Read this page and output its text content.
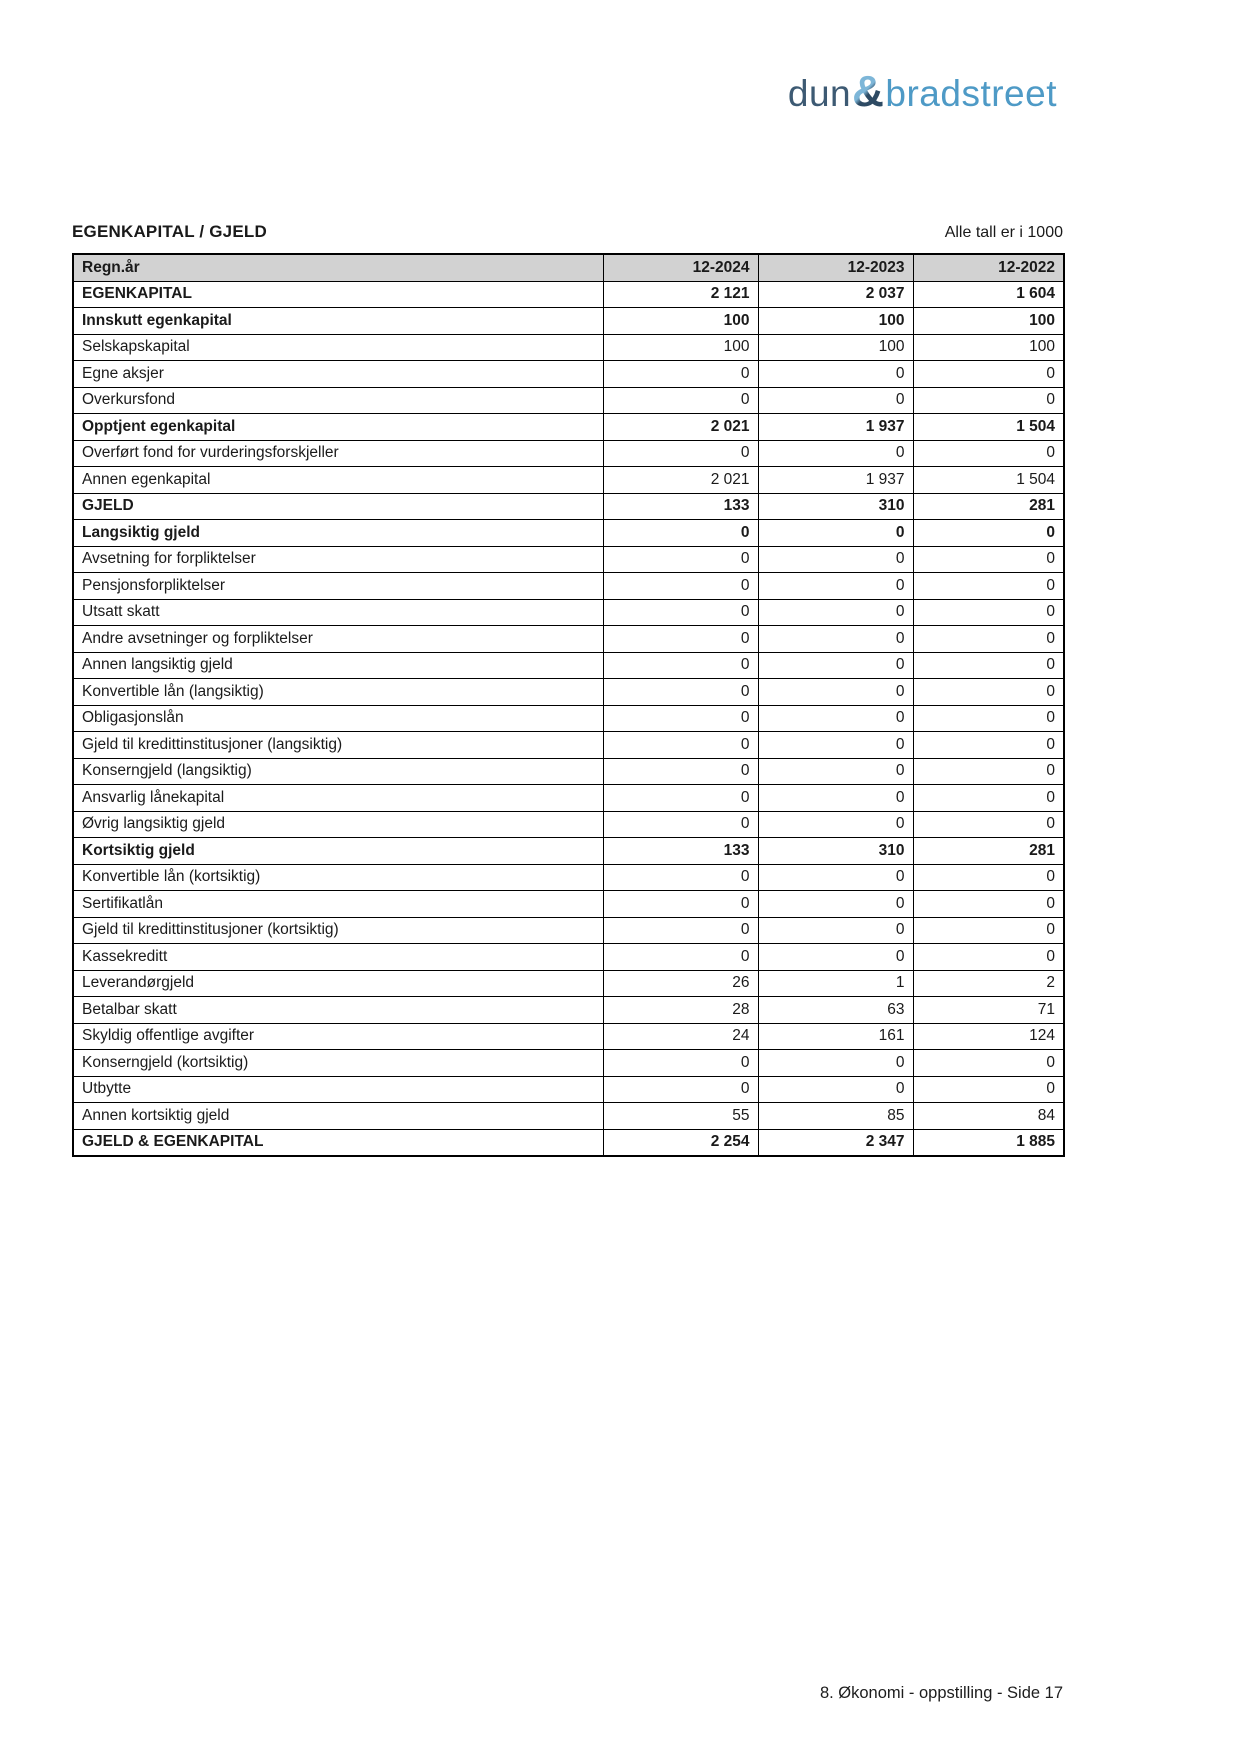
dun&bradstreet
EGENKAPITAL / GJELD	Alle tall er i 1000
Regn.år	12-2024	12-2023	12-2022
EGENKAPITAL	2 121	2 037	1 604
Innskutt egenkapital	100	100	100
Selskapskapital	100	100	100
Egne aksjer	0	0	0
Overkursfond	0	0	0
Opptjent egenkapital	2 021	1 937	1 504
Overført fond for vurderingsforskjeller	0	0	0
Annen egenkapital	2 021	1 937	1 504
GJELD	133	310	281
Langsiktig gjeld	0	0	0
Avsetning for forpliktelser	0	0	0
Pensjonsforpliktelser	0	0	0
Utsatt skatt	0	0	0
Andre avsetninger og forpliktelser	0	0	0
Annen langsiktig gjeld	0	0	0
Konvertible lån (langsiktig)	0	0	0
Obligasjonslån	0	0	0
Gjeld til kredittinstitusjoner (langsiktig)	0	0	0
Konserngjeld (langsiktig)	0	0	0
Ansvarlig lånekapital	0	0	0
Øvrig langsiktig gjeld	0	0	0
Kortsiktig gjeld	133	310	281
Konvertible lån (kortsiktig)	0	0	0
Sertifikatlån	0	0	0
Gjeld til kredittinstitusjoner (kortsiktig)	0	0	0
Kassekreditt	0	0	0
Leverandørgjeld	26	1	2
Betalbar skatt	28	63	71
Skyldig offentlige avgifter	24	161	124
Konserngjeld (kortsiktig)	0	0	0
Utbytte	0	0	0
Annen kortsiktig gjeld	55	85	84
GJELD & EGENKAPITAL	2 254	2 347	1 885
8. Økonomi - oppstilling - Side 17
